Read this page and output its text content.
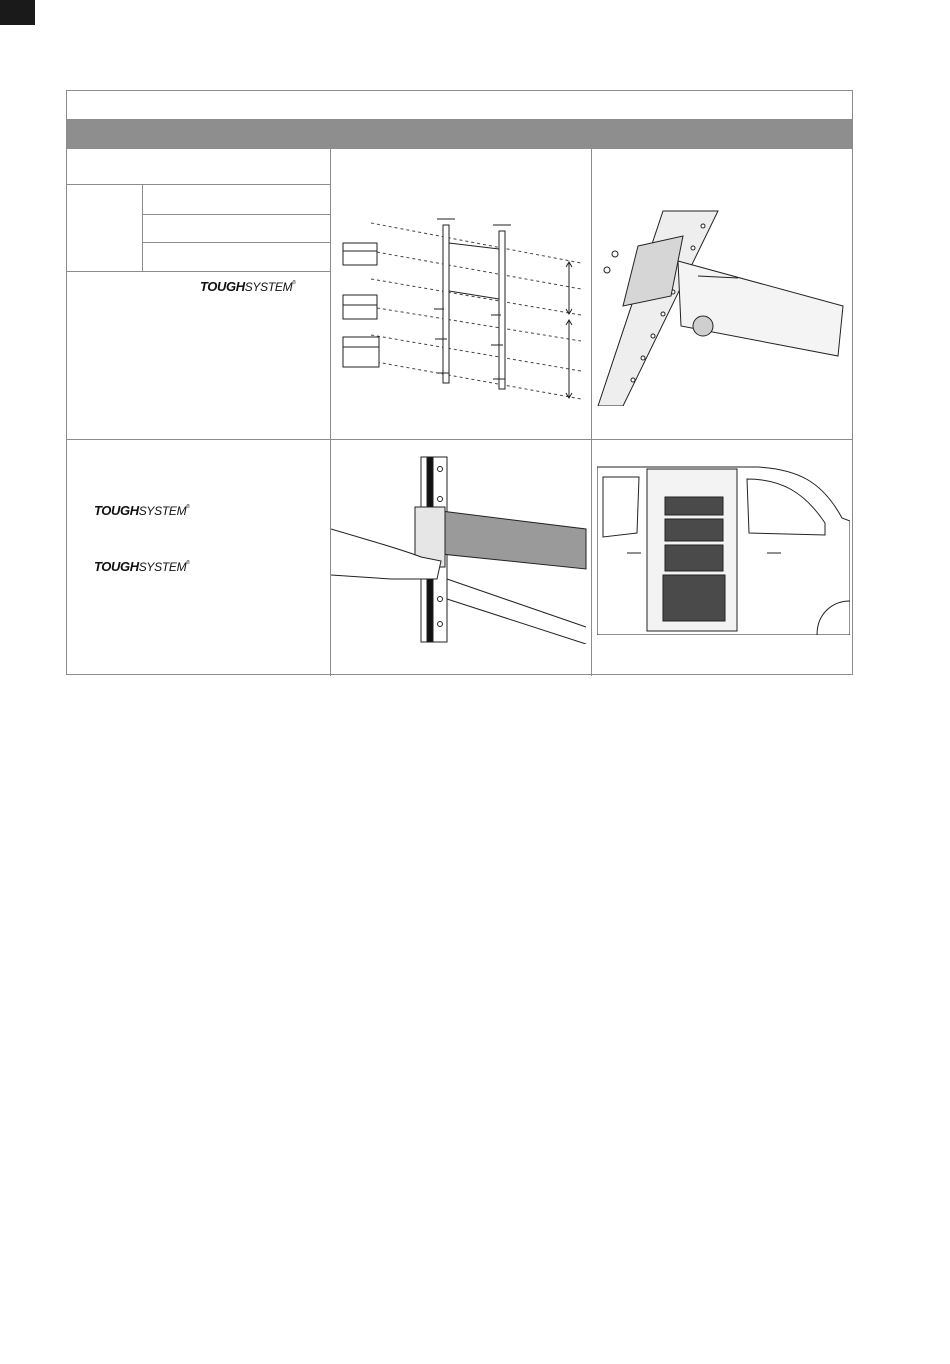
TOUGHSYSTEM®
TOUGHSYSTEM®
TOUGHSYSTEM®
